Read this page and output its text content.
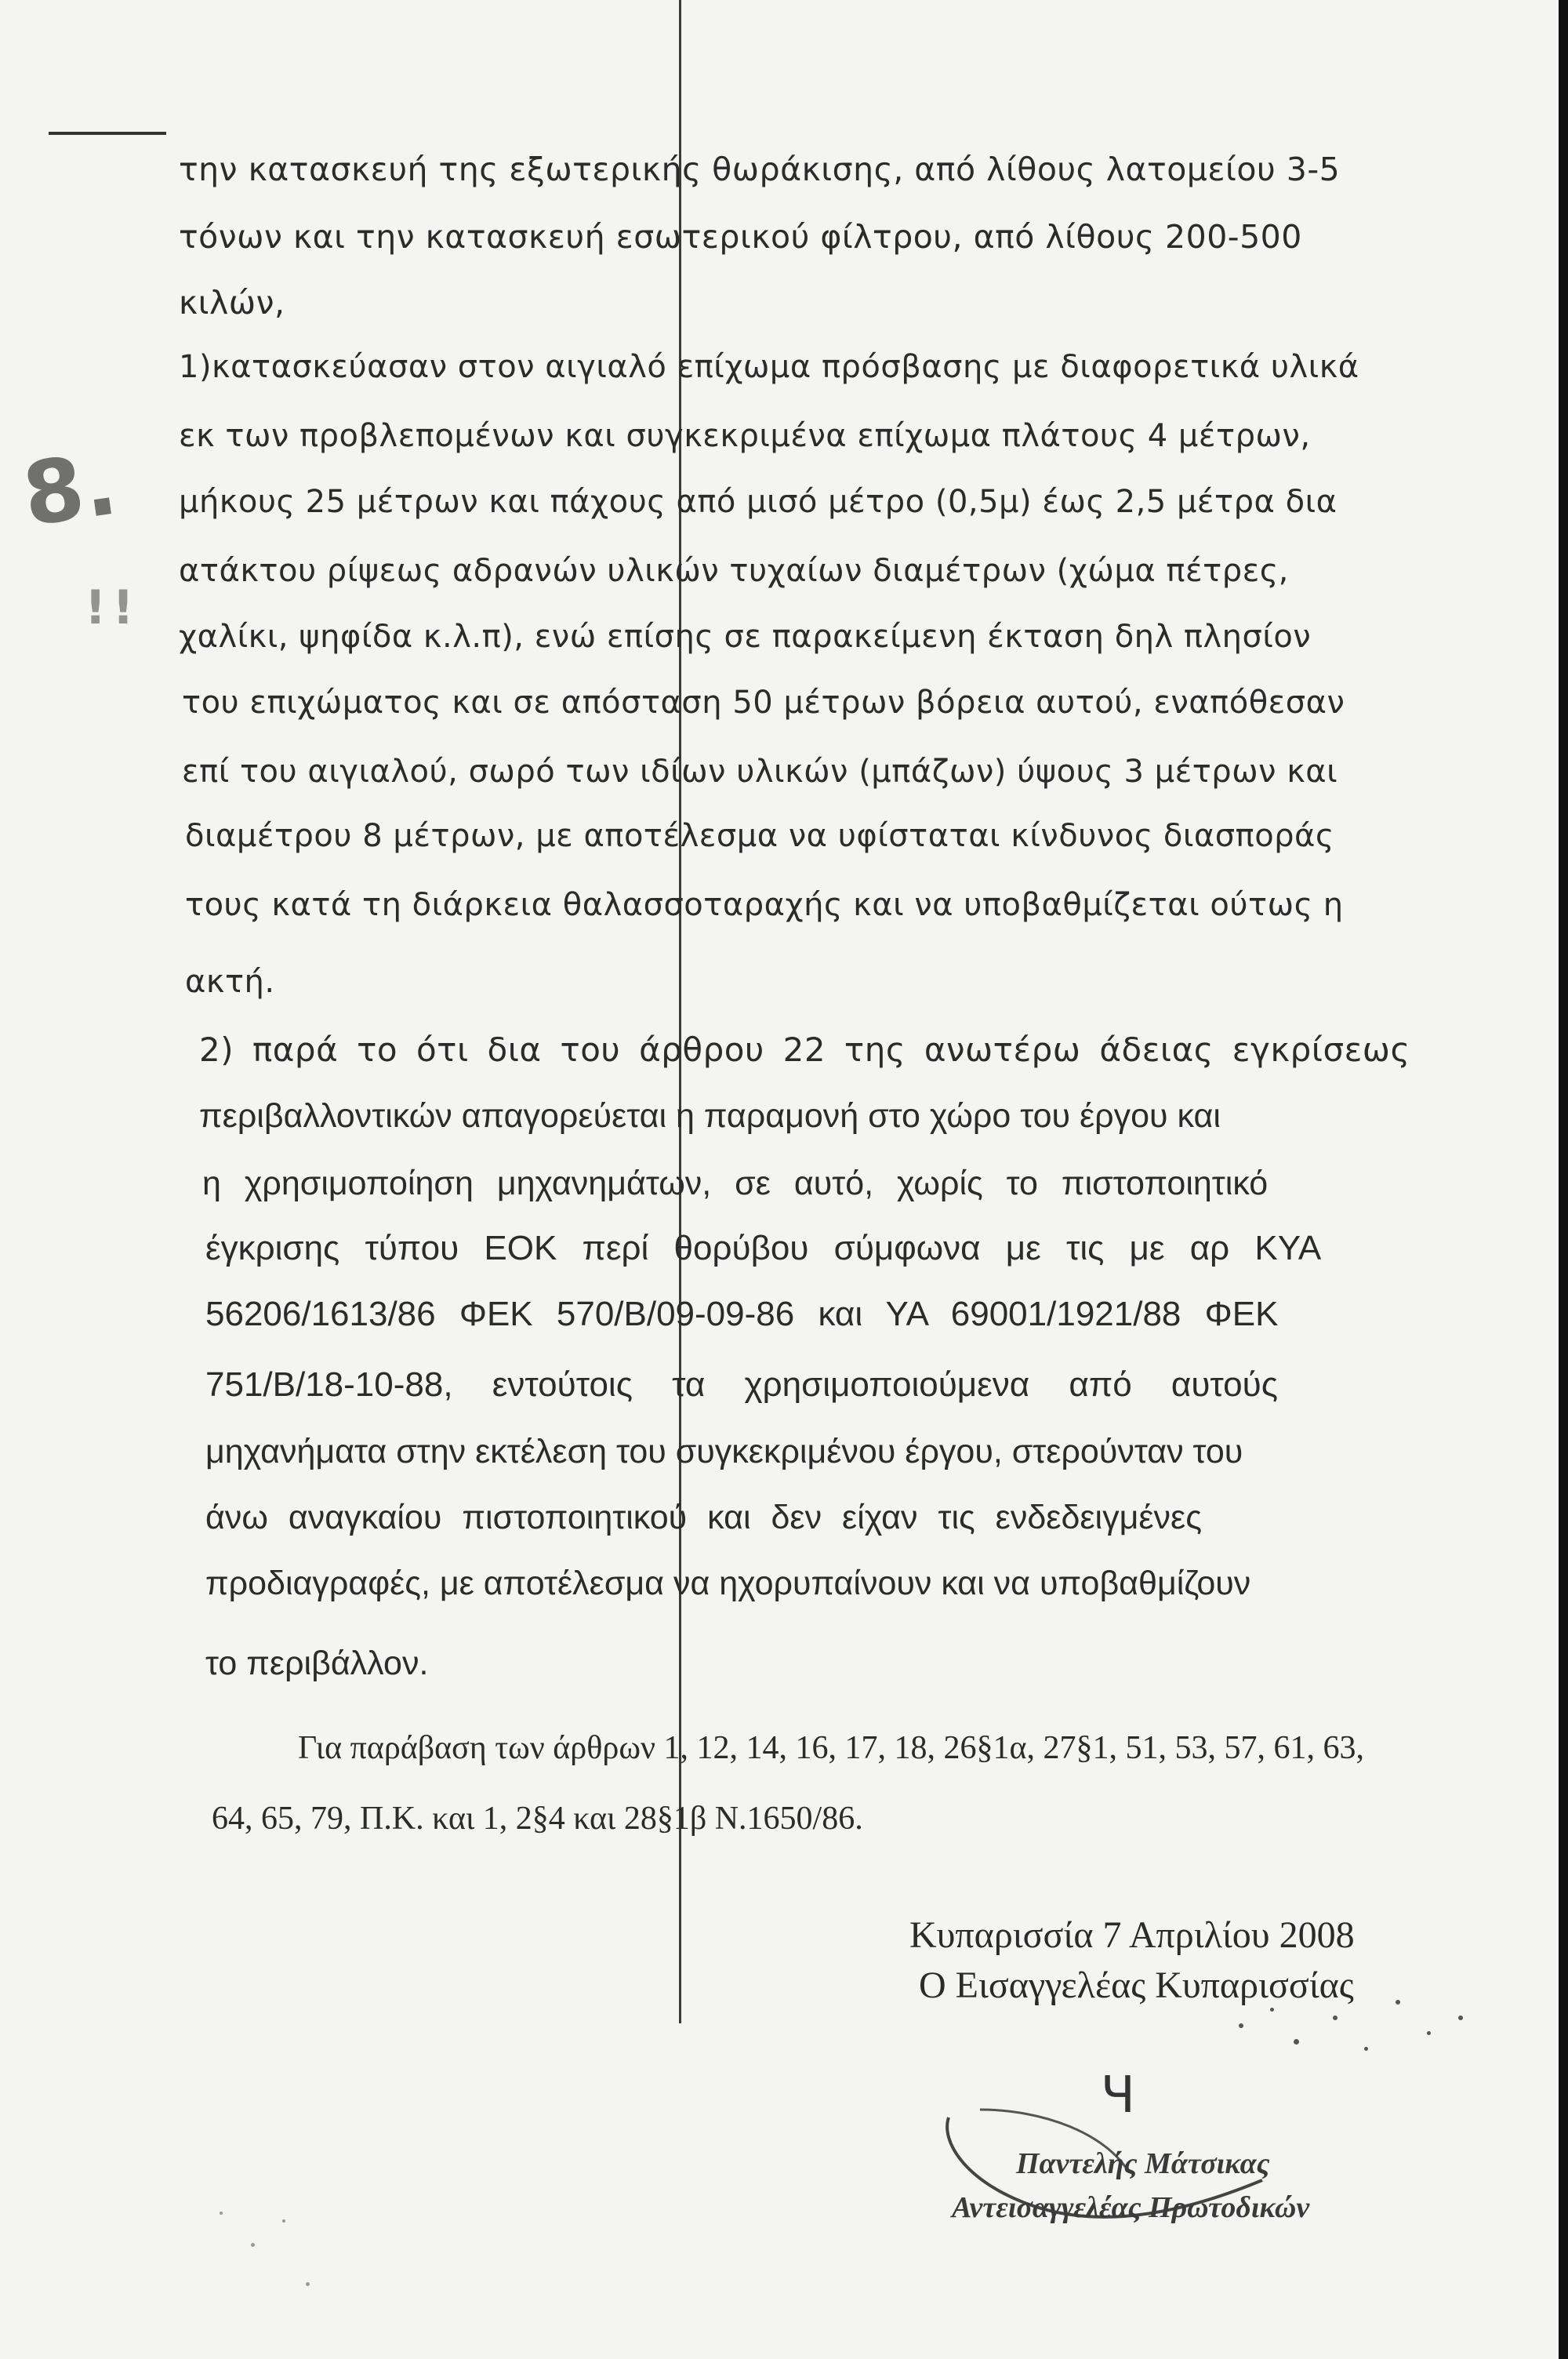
8.
!!
την κατασκευή της εξωτερικής θωράκισης, από λίθους λατομείου 3-5
τόνων και την κατασκευή εσωτερικού φίλτρου, από λίθους 200-500
κιλών,
1)κατασκεύασαν στον αιγιαλό επίχωμα πρόσβασης με διαφορετικά υλικά
εκ των προβλεπομένων και συγκεκριμένα επίχωμα πλάτους 4 μέτρων,
μήκους 25 μέτρων και πάχους από μισό μέτρο (0,5μ) έως 2,5 μέτρα δια
ατάκτου ρίψεως αδρανών υλικών τυχαίων διαμέτρων (χώμα πέτρες,
χαλίκι, ψηφίδα κ.λ.π), ενώ επίσης σε παρακείμενη έκταση δηλ πλησίον
του επιχώματος και σε απόσταση 50 μέτρων βόρεια αυτού, εναπόθεσαν
επί του αιγιαλού, σωρό των ιδίων υλικών (μπάζων) ύψους 3 μέτρων και
διαμέτρου 8 μέτρων, με αποτέλεσμα να υφίσταται κίνδυνος διασποράς
τους κατά τη διάρκεια θαλασσοταραχής και να υποβαθμίζεται ούτως η
ακτή.
2) παρά το ότι δια του άρθρου 22 της ανωτέρω άδειας εγκρίσεως
περιβαλλοντικών απαγορεύεται η παραμονή στο χώρο του έργου και
η χρησιμοποίηση μηχανημάτων, σε αυτό, χωρίς το πιστοποιητικό
έγκρισης τύπου ΕΟΚ περί θορύβου σύμφωνα με τις με αρ ΚΥΑ
56206/1613/86 ΦΕΚ 570/Β/09-09-86 και ΥΑ 69001/1921/88 ΦΕΚ
751/Β/18-10-88, εντούτοις τα χρησιμοποιούμενα από αυτούς
μηχανήματα στην εκτέλεση του συγκεκριμένου έργου, στερούνταν του
άνω αναγκαίου πιστοποιητικού και δεν είχαν τις ενδεδειγμένες
προδιαγραφές, με αποτέλεσμα να ηχορυπαίνουν και να υποβαθμίζουν
το περιβάλλον.
Για παράβαση των άρθρων 1, 12, 14, 16, 17, 18, 26§1α, 27§1, 51, 53, 57, 61, 63,
64, 65, 79, Π.Κ. και 1, 2§4 και 28§1β Ν.1650/86.
Κυπαρισσία 7 Απριλίου 2008
Ο Εισαγγελέας Κυπαρισσίας
Ч
Παντελής Μάτσικας
Αντεισαγγελέας Πρωτοδικών
